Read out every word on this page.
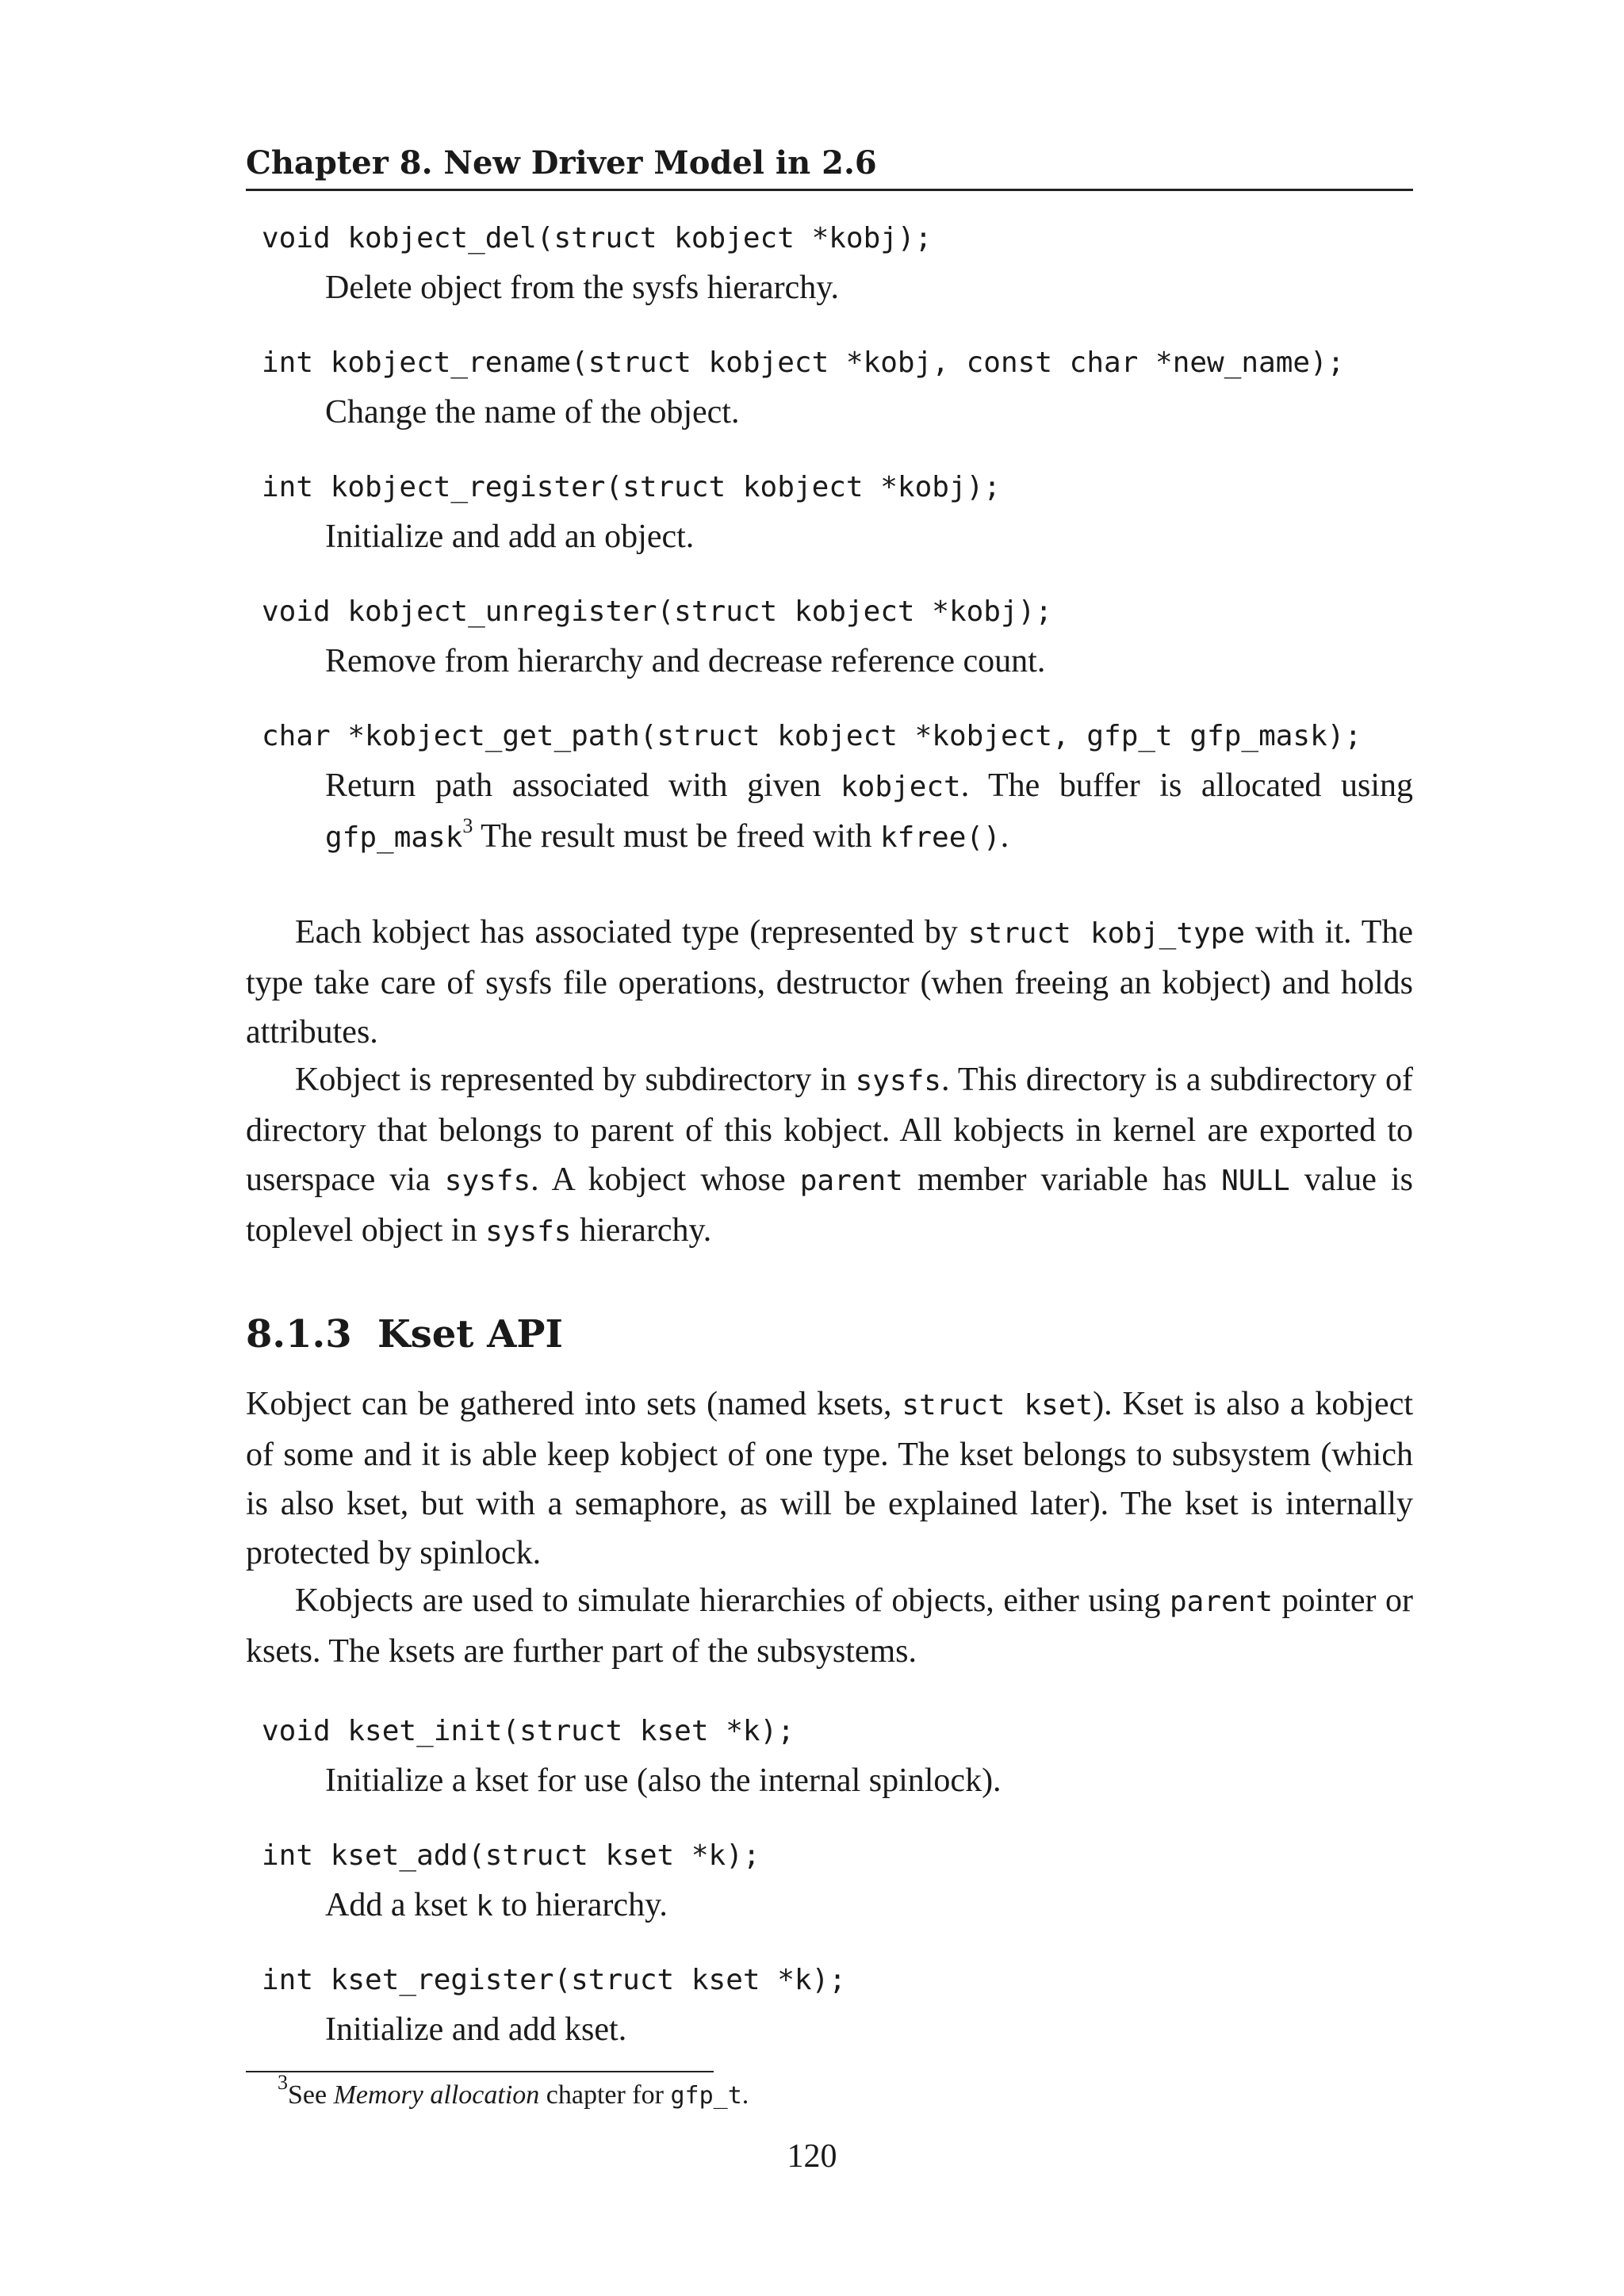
Chapter 8. New Driver Model in 2.6
void kobject_del(struct kobject *kobj);
Delete object from the sysfs hierarchy.
int kobject_rename(struct kobject *kobj, const char *new_name);
Change the name of the object.
int kobject_register(struct kobject *kobj);
Initialize and add an object.
void kobject_unregister(struct kobject *kobj);
Remove from hierarchy and decrease reference count.
char *kobject_get_path(struct kobject *kobject, gfp_t gfp_mask);
Return path associated with given kobject. The buffer is allocated using gfp_mask$^3$ The result must be freed with kfree().

Each kobject has associated type (represented by struct kobj_type with it. The type take care of sysfs file operations, destructor (when freeing an kobject) and holds attributes.

Kobject is represented by subdirectory in sysfs. This directory is a subdirectory of directory that belongs to parent of this kobject. All kobjects in kernel are exported to userspace via sysfs. A kobject whose parent member variable has NULL value is toplevel object in sysfs hierarchy.

8.1.3 Kset API

Kobject can be gathered into sets (named ksets, struct kset). Kset is also a kobject of some and it is able keep kobject of one type. The kset belongs to subsystem (which is also kset, but with a semaphore, as will be explained later). The kset is internally protected by spinlock.

Kobjects are used to simulate hierarchies of objects, either using parent pointer or ksets. The ksets are further part of the subsystems.

void kset_init(struct kset *k);
Initialize a kset for use (also the internal spinlock).
int kset_add(struct kset *k);
Add a kset k to hierarchy.
int kset_register(struct kset *k);
Initialize and add kset.
$^3$See Memory allocation chapter for gfp_t.
120
